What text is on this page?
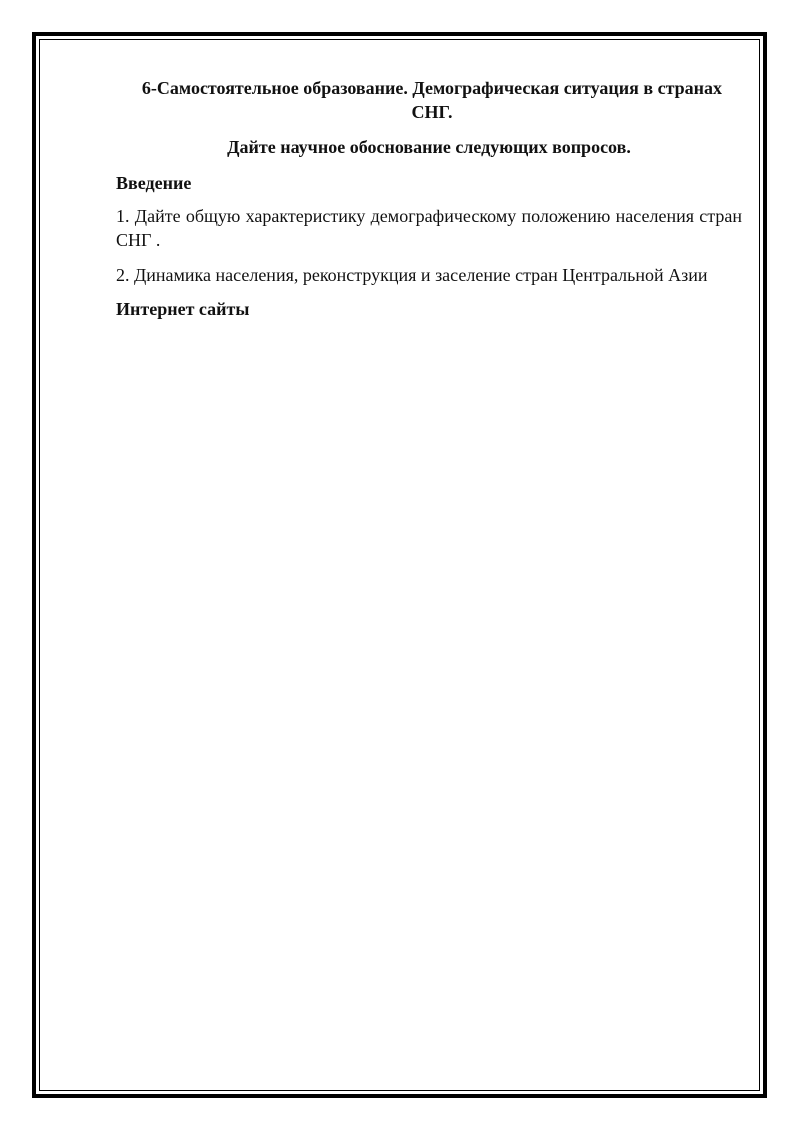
6-Самостоятельное образование. Демографическая ситуация в странах СНГ.

Дайте научное обоснование следующих вопросов.

Введение

1. Дайте общую характеристику демографическому положению населения стран СНГ .

2. Динамика населения, реконструкция и заселение стран Центральной Азии

Интернет сайты
